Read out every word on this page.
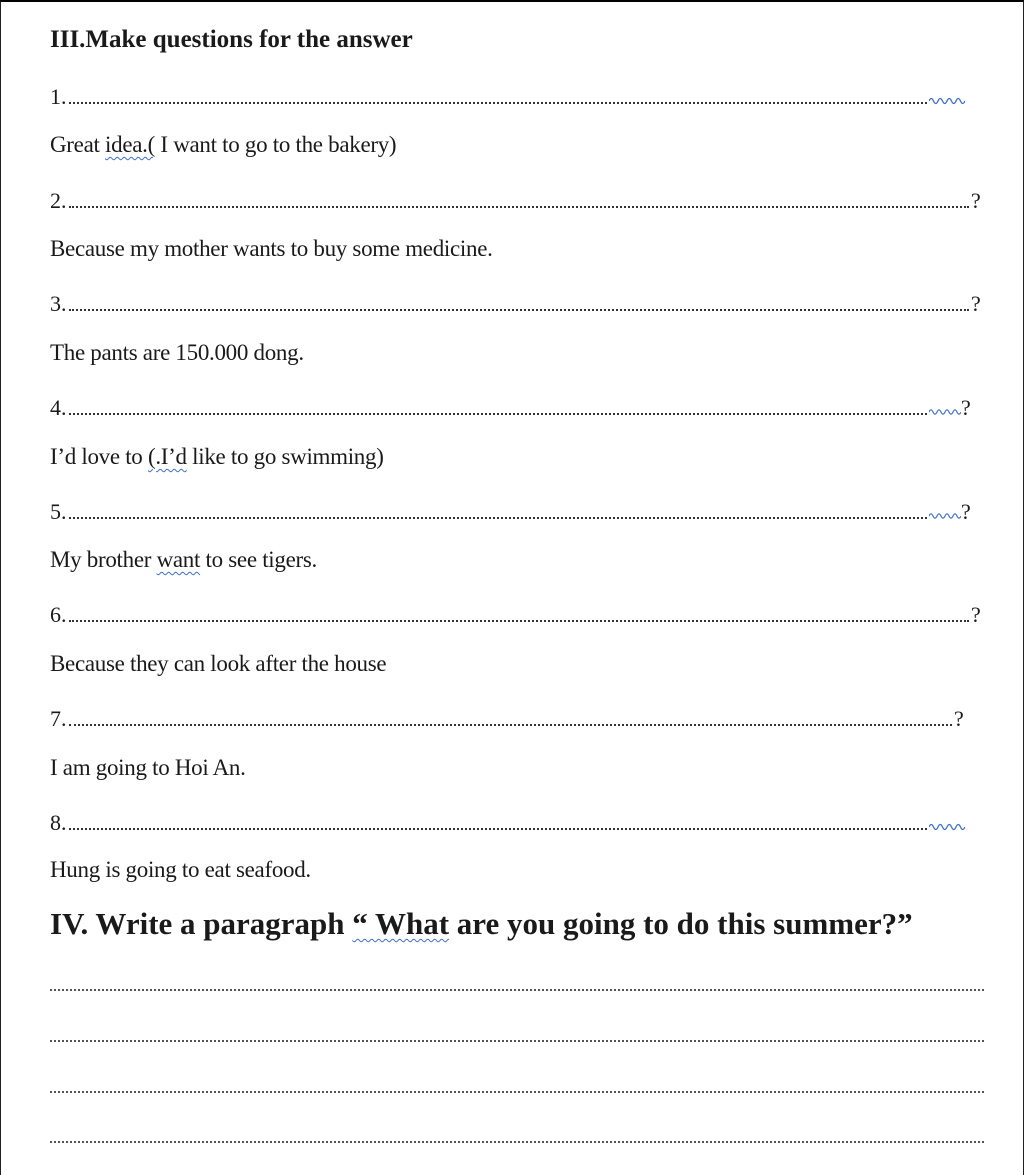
III.Make questions for the answer
1.
Great idea.( I want to go to the bakery)
2.	?
Because my mother wants to buy some medicine.
3.	?
The pants are 150.000 dong.
4.	?
I’d love to (.I’d like to go swimming)
5.	?
My brother want to see tigers.
6.	?
Because they can look after the house
7.	?
I am going to Hoi An.
8.
Hung is going to eat seafood.
IV. Write a paragraph “ What are you going to do this summer?”
